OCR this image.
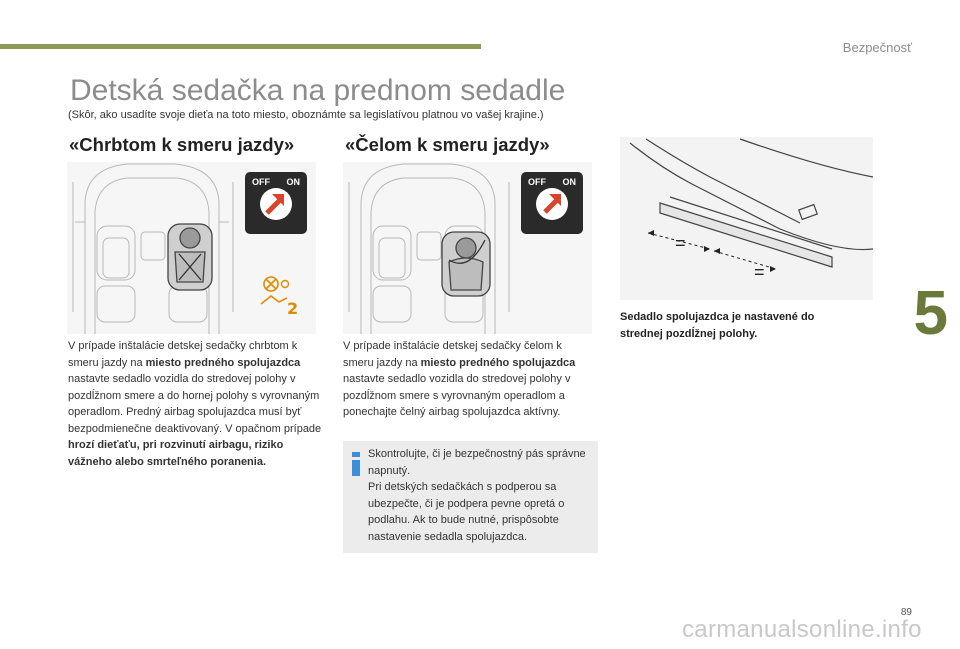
Bezpečnosť
5
Detská sedačka na prednom sedadle
(Skôr, ako usadíte svoje dieťa na toto miesto, oboznámte sa legislatívou platnou vo vašej krajine.)
«Chrbtom k smeru jazdy»	«Čelom k smeru jazdy»
OFF ON
2
OFF ON
=
=
V prípade inštalácie detskej sedačky chrbtom k smeru jazdy na miesto predného spolujazdca nastavte sedadlo vozidla do stredovej polohy v pozdĺžnom smere a do hornej polohy s vyrovnaným operadlom. Predný airbag spolujazdca musí byť bezpodmienečne deaktivovaný. V opačnom prípade hrozí dieťaťu, pri rozvinutí airbagu, riziko vážneho alebo smrteľného poranenia.
V prípade inštalácie detskej sedačky čelom k smeru jazdy na miesto predného spolujazdca nastavte sedadlo vozidla do stredovej polohy v pozdĺžnom smere s vyrovnaným operadlom a ponechajte čelný airbag spolujazdca aktívny.
Skontrolujte, či je bezpečnostný pás správne napnutý.
Pri detských sedačkách s podperou sa ubezpečte, či je podpera pevne opretá o podlahu. Ak to bude nutné, prispôsobte nastavenie sedadla spolujazdca.
Sedadlo spolujazdca je nastavené do strednej pozdĺžnej polohy.
89
carmanualsonline.info
